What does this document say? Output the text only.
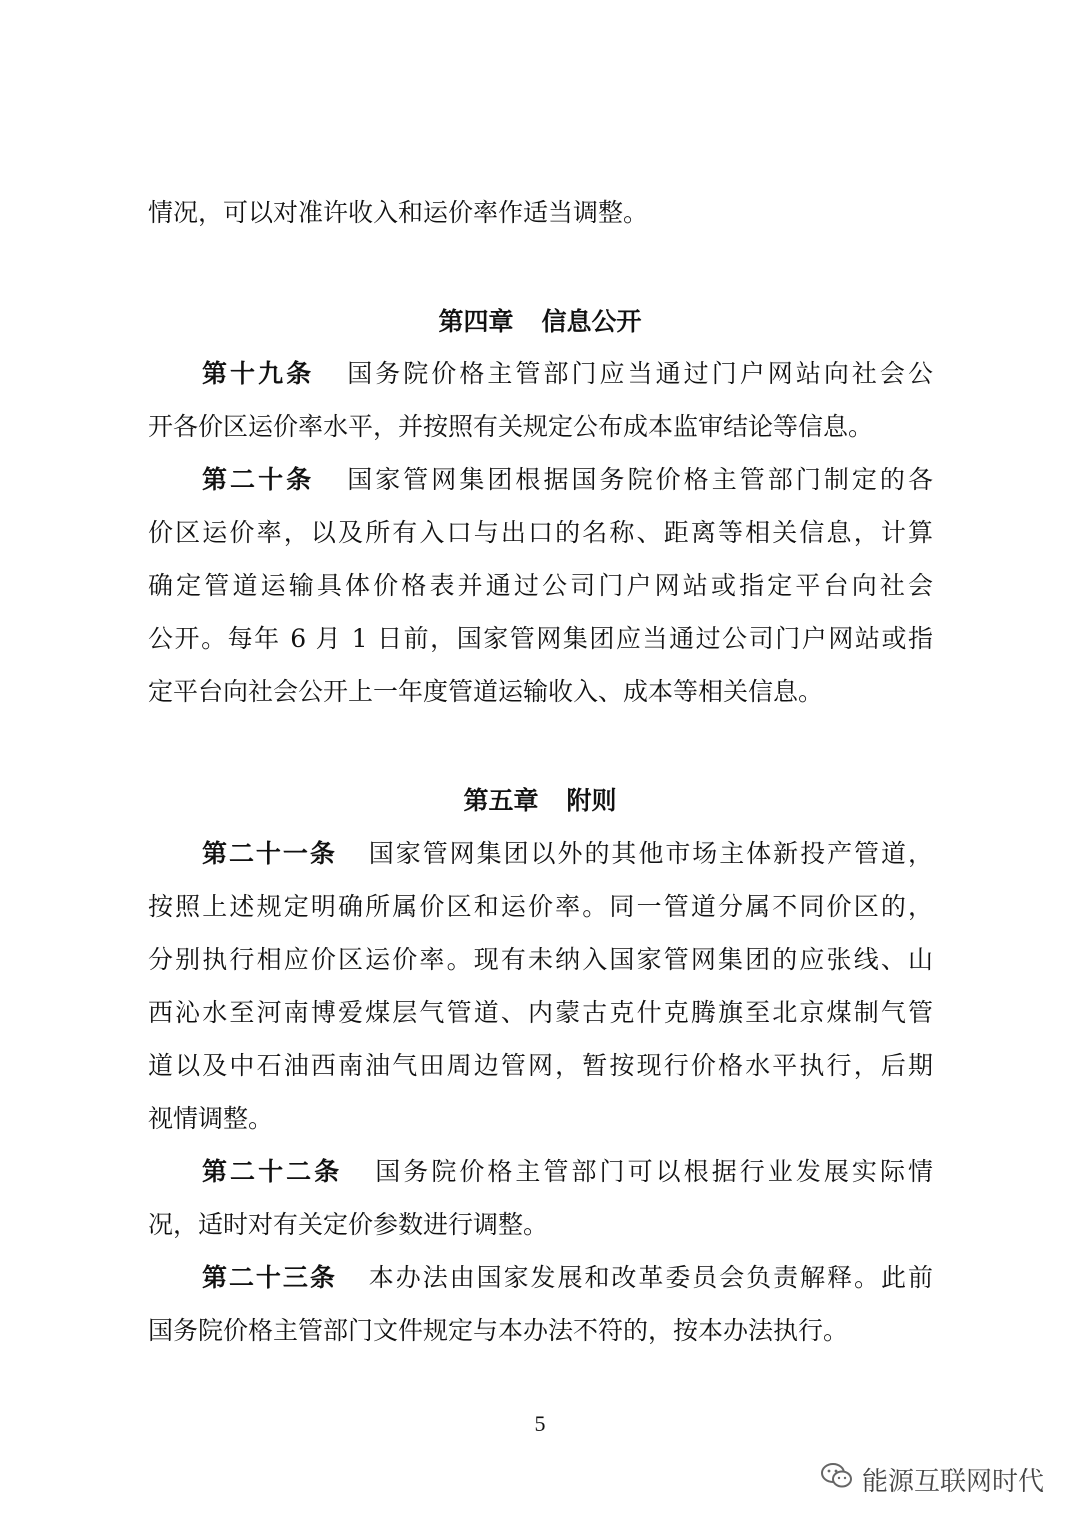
情况，可以对准许收入和运价率作适当调整。
第四章 信息公开
第十九条 国务院价格主管部门应当通过门户网站向社会公
开各价区运价率水平，并按照有关规定公布成本监审结论等信息。
第二十条 国家管网集团根据国务院价格主管部门制定的各
价区运价率，以及所有入口与出口的名称、距离等相关信息，计算
确定管道运输具体价格表并通过公司门户网站或指定平台向社会
公开。每年 6 月 1 日前，国家管网集团应当通过公司门户网站或指
定平台向社会公开上一年度管道运输收入、成本等相关信息。
第五章 附则
第二十一条 国家管网集团以外的其他市场主体新投产管道，
按照上述规定明确所属价区和运价率。同一管道分属不同价区的，
分别执行相应价区运价率。现有未纳入国家管网集团的应张线、山
西沁水至河南博爱煤层气管道、内蒙古克什克腾旗至北京煤制气管
道以及中石油西南油气田周边管网，暂按现行价格水平执行，后期
视情调整。
第二十二条 国务院价格主管部门可以根据行业发展实际情
况，适时对有关定价参数进行调整。
第二十三条 本办法由国家发展和改革委员会负责解释。此前
国务院价格主管部门文件规定与本办法不符的，按本办法执行。
5
能源互联网时代
